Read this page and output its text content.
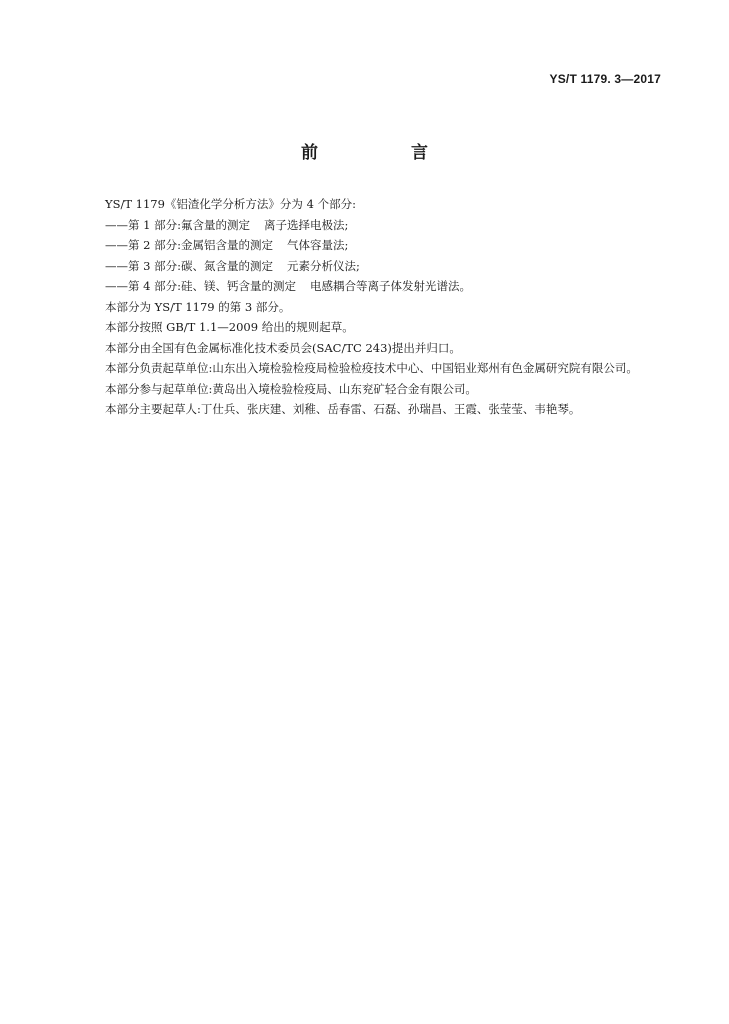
YS/T 1179. 3—2017
前　言

YS/T 1179《铝渣化学分析方法》分为 4 个部分:

——第 1 部分:氟含量的测定 离子选择电极法;

——第 2 部分:金属铝含量的测定 气体容量法;

——第 3 部分:碳、氮含量的测定 元素分析仪法;

——第 4 部分:硅、镁、钙含量的测定 电感耦合等离子体发射光谱法。

本部分为 YS/T 1179 的第 3 部分。

本部分按照 GB/T 1.1—2009 给出的规则起草。

本部分由全国有色金属标准化技术委员会(SAC/TC 243)提出并归口。

本部分负责起草单位:山东出入境检验检疫局检验检疫技术中心、中国铝业郑州有色金属研究院有限公司。

本部分参与起草单位:黄岛出入境检验检疫局、山东兖矿轻合金有限公司。

本部分主要起草人:丁仕兵、张庆建、刘稚、岳春雷、石磊、孙瑞昌、王霞、张莹莹、韦艳琴。
